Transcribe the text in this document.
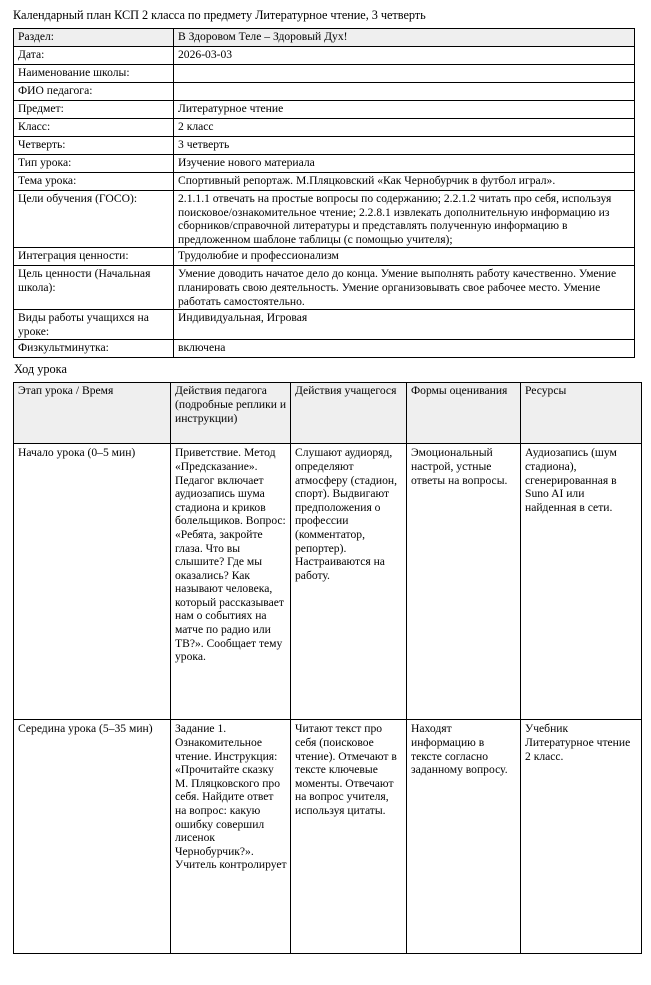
Календарный план КСП 2 класса по предмету Литературное чтение, 3 четверть

Раздел:	В Здоровом Теле – Здоровый Дух!
Дата:	2026-03-03
Наименование школы:	
ФИО педагога:	
Предмет:	Литературное чтение
Класс:	2 класс
Четверть:	3 четверть
Тип урока:	Изучение нового материала
Тема урока:	Спортивный репортаж. М.Пляцковский «Как Чернобурчик в футбол играл».
Цели обучения (ГОСО):	2.1.1.1 отвечать на простые вопросы по содержанию; 2.2.1.2 читать про себя, используя поисковое/ознакомительное чтение; 2.2.8.1 извлекать дополнительную информацию из сборников/справочной литературы и представлять полученную информацию в предложенном шаблоне таблицы (с помощью учителя);
Интеграция ценности:	Трудолюбие и профессионализм
Цель ценности (Начальная школа):	Умение доводить начатое дело до конца. Умение выполнять работу качественно. Умение планировать свою деятельность. Умение организовывать свое рабочее место. Умение работать самостоятельно.
Виды работы учащихся на уроке:	Индивидуальная, Игровая
Физкультминутка:	включена

Ход урока

Этап урока / Время	Действия педагога (подробные реплики и инструкции)	Действия учащегося	Формы оценивания	Ресурсы
Начало урока (0–5 мин)	Приветствие. Метод «Предсказание». Педагог включает аудиозапись шума стадиона и криков болельщиков. Вопрос: «Ребята, закройте глаза. Что вы слышите? Где мы оказались? Как называют человека, который рассказывает нам о событиях на матче по радио или ТВ?». Сообщает тему урока.	Слушают аудиоряд, определяют атмосферу (стадион, спорт). Выдвигают предположения о профессии (комментатор, репортер). Настраиваются на работу.	Эмоциональный настрой, устные ответы на вопросы.	Аудиозапись (шум стадиона), сгенерированная в Suno AI или найденная в сети.
Середина урока (5–35 мин)	Задание 1. Ознакомительное чтение. Инструкция: «Прочитайте сказку М. Пляцковского про себя. Найдите ответ на вопрос: какую ошибку совершил лисенок Чернобурчик?». Учитель контролирует	Читают текст про себя (поисковое чтение). Отмечают в тексте ключевые моменты. Отвечают на вопрос учителя, используя цитаты.	Находят информацию в тексте согласно заданному вопросу.	Учебник Литературное чтение 2 класс.
